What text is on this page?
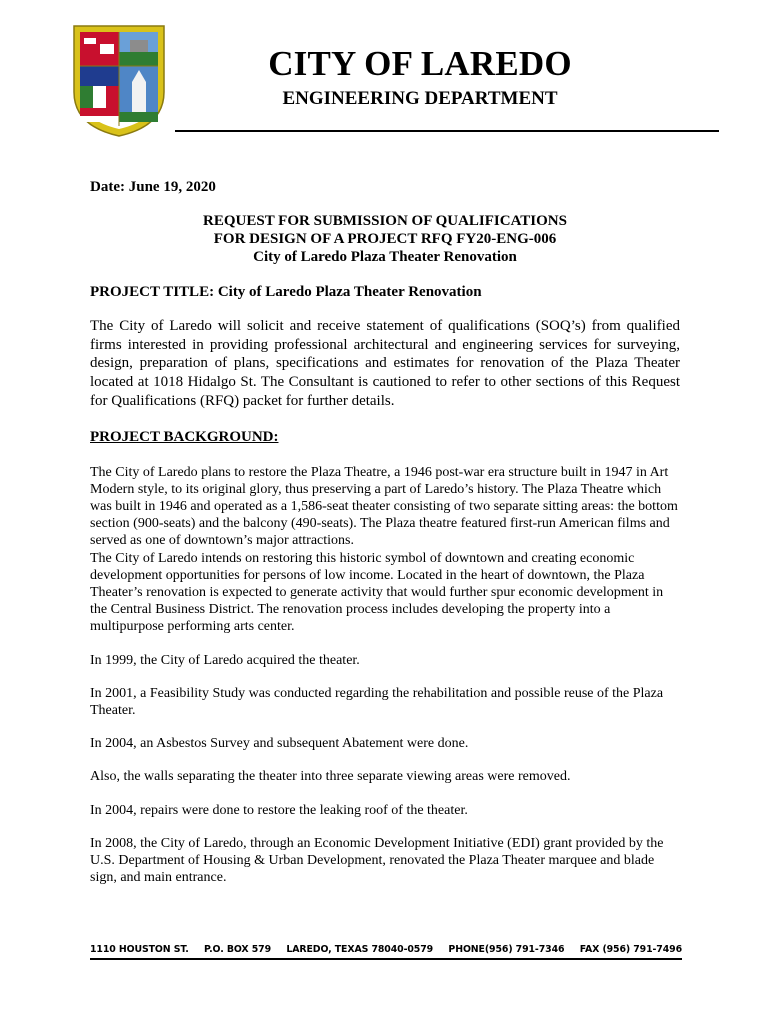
CITY OF LAREDO
ENGINEERING DEPARTMENT
Date: June 19, 2020
REQUEST FOR SUBMISSION OF QUALIFICATIONS
FOR DESIGN OF A PROJECT RFQ FY20-ENG-006
City of Laredo Plaza Theater Renovation
PROJECT TITLE: City of Laredo Plaza Theater Renovation

The City of Laredo will solicit and receive statement of qualifications (SOQ’s) from qualified firms interested in providing professional architectural and engineering services for surveying, design, preparation of plans, specifications and estimates for renovation of the Plaza Theater located at 1018 Hidalgo St. The Consultant is cautioned to refer to other sections of this Request for Qualifications (RFQ) packet for further details.

PROJECT BACKGROUND:

The City of Laredo plans to restore the Plaza Theatre, a 1946 post-war era structure built in 1947 in Art Modern style, to its original glory, thus preserving a part of Laredo’s history. The Plaza Theatre which was built in 1946 and operated as a 1,586-seat theater consisting of two separate sitting areas: the bottom section (900-seats) and the balcony (490-seats). The Plaza theatre featured first-run American films and served as one of downtown’s major attractions.

The City of Laredo intends on restoring this historic symbol of downtown and creating economic development opportunities for persons of low income. Located in the heart of downtown, the Plaza Theater’s renovation is expected to generate activity that would further spur economic development in the Central Business District. The renovation process includes developing the property into a multipurpose performing arts center.

In 1999, the City of Laredo acquired the theater.

In 2001, a Feasibility Study was conducted regarding the rehabilitation and possible reuse of the Plaza Theater.

In 2004, an Asbestos Survey and subsequent Abatement were done.

Also, the walls separating the theater into three separate viewing areas were removed.

In 2004, repairs were done to restore the leaking roof of the theater.

In 2008, the City of Laredo, through an Economic Development Initiative (EDI) grant provided by the U.S. Department of Housing & Urban Development, renovated the Plaza Theater marquee and blade sign, and main entrance.

1110 HOUSTON ST. P.O. BOX 579 LAREDO, TEXAS 78040-0579 PHONE(956) 791-7346 FAX (956) 791-7496
